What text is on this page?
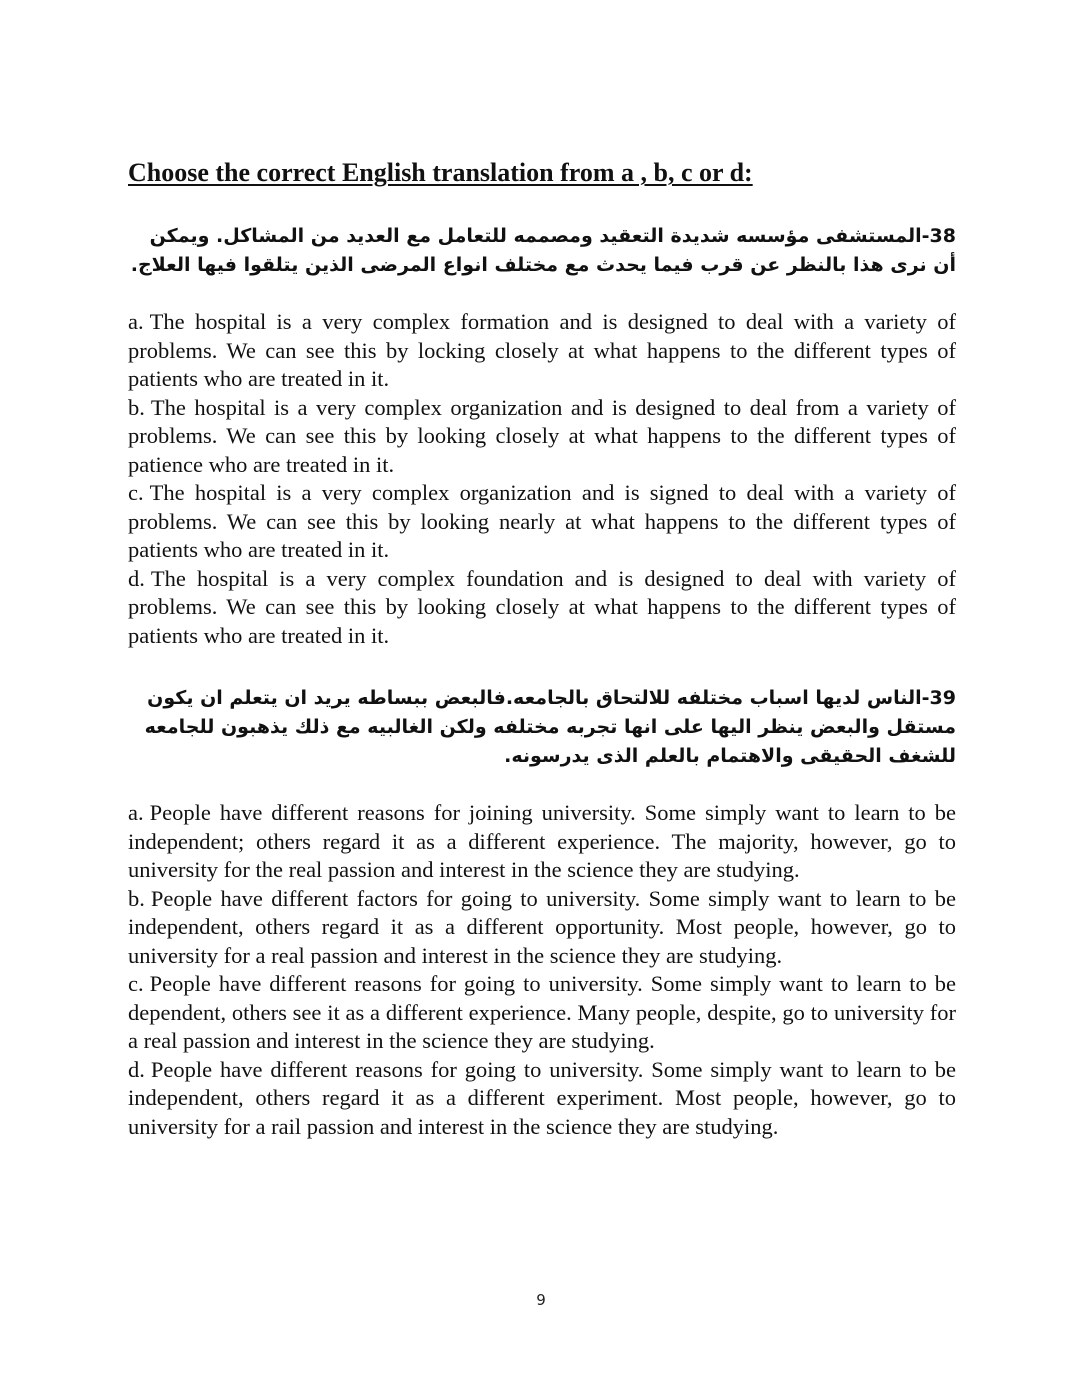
Choose the correct English translation from a , b, c or d:

38-المستشفى مؤسسه شديدة التعقيد ومصممه للتعامل مع العديد من المشاكل. ويمكن أن نرى هذا بالنظر عن قرب فيما يحدث مع مختلف انواع المرضى الذين يتلقوا فيها العلاج.

a. The hospital is a very complex formation and is designed to deal with a variety of problems. We can see this by locking closely at what happens to the different types of patients who are treated in it.

b. The hospital is a very complex organization and is designed to deal from a variety of problems. We can see this by looking closely at what happens to the different types of patience who are treated in it.

c. The hospital is a very complex organization and is signed to deal with a variety of problems. We can see this by looking nearly at what happens to the different types of patients who are treated in it.

d. The hospital is a very complex foundation and is designed to deal with variety of problems. We can see this by looking closely at what happens to the different types of patients who are treated in it.

39-الناس لديها اسباب مختلفه للالتحاق بالجامعه.فالبعض ببساطه يريد ان يتعلم ان يكون مستقل والبعض ينظر اليها على انها تجربه مختلفه ولكن الغالبيه مع ذلك يذهبون للجامعه للشغف الحقيقى والاهتمام بالعلم الذى يدرسونه.

a. People have different reasons for joining university. Some simply want to learn to be independent; others regard it as a different experience. The majority, however, go to university for the real passion and interest in the science they are studying.

b. People have different factors for going to university. Some simply want to learn to be independent, others regard it as a different opportunity. Most people, however, go to university for a real passion and interest in the science they are studying.

c. People have different reasons for going to university. Some simply want to learn to be dependent, others see it as a different experience. Many people, despite, go to university for a real passion and interest in the science they are studying.

d. People have different reasons for going to university. Some simply want to learn to be independent, others regard it as a different experiment. Most people, however, go to university for a rail passion and interest in the science they are studying.

9
